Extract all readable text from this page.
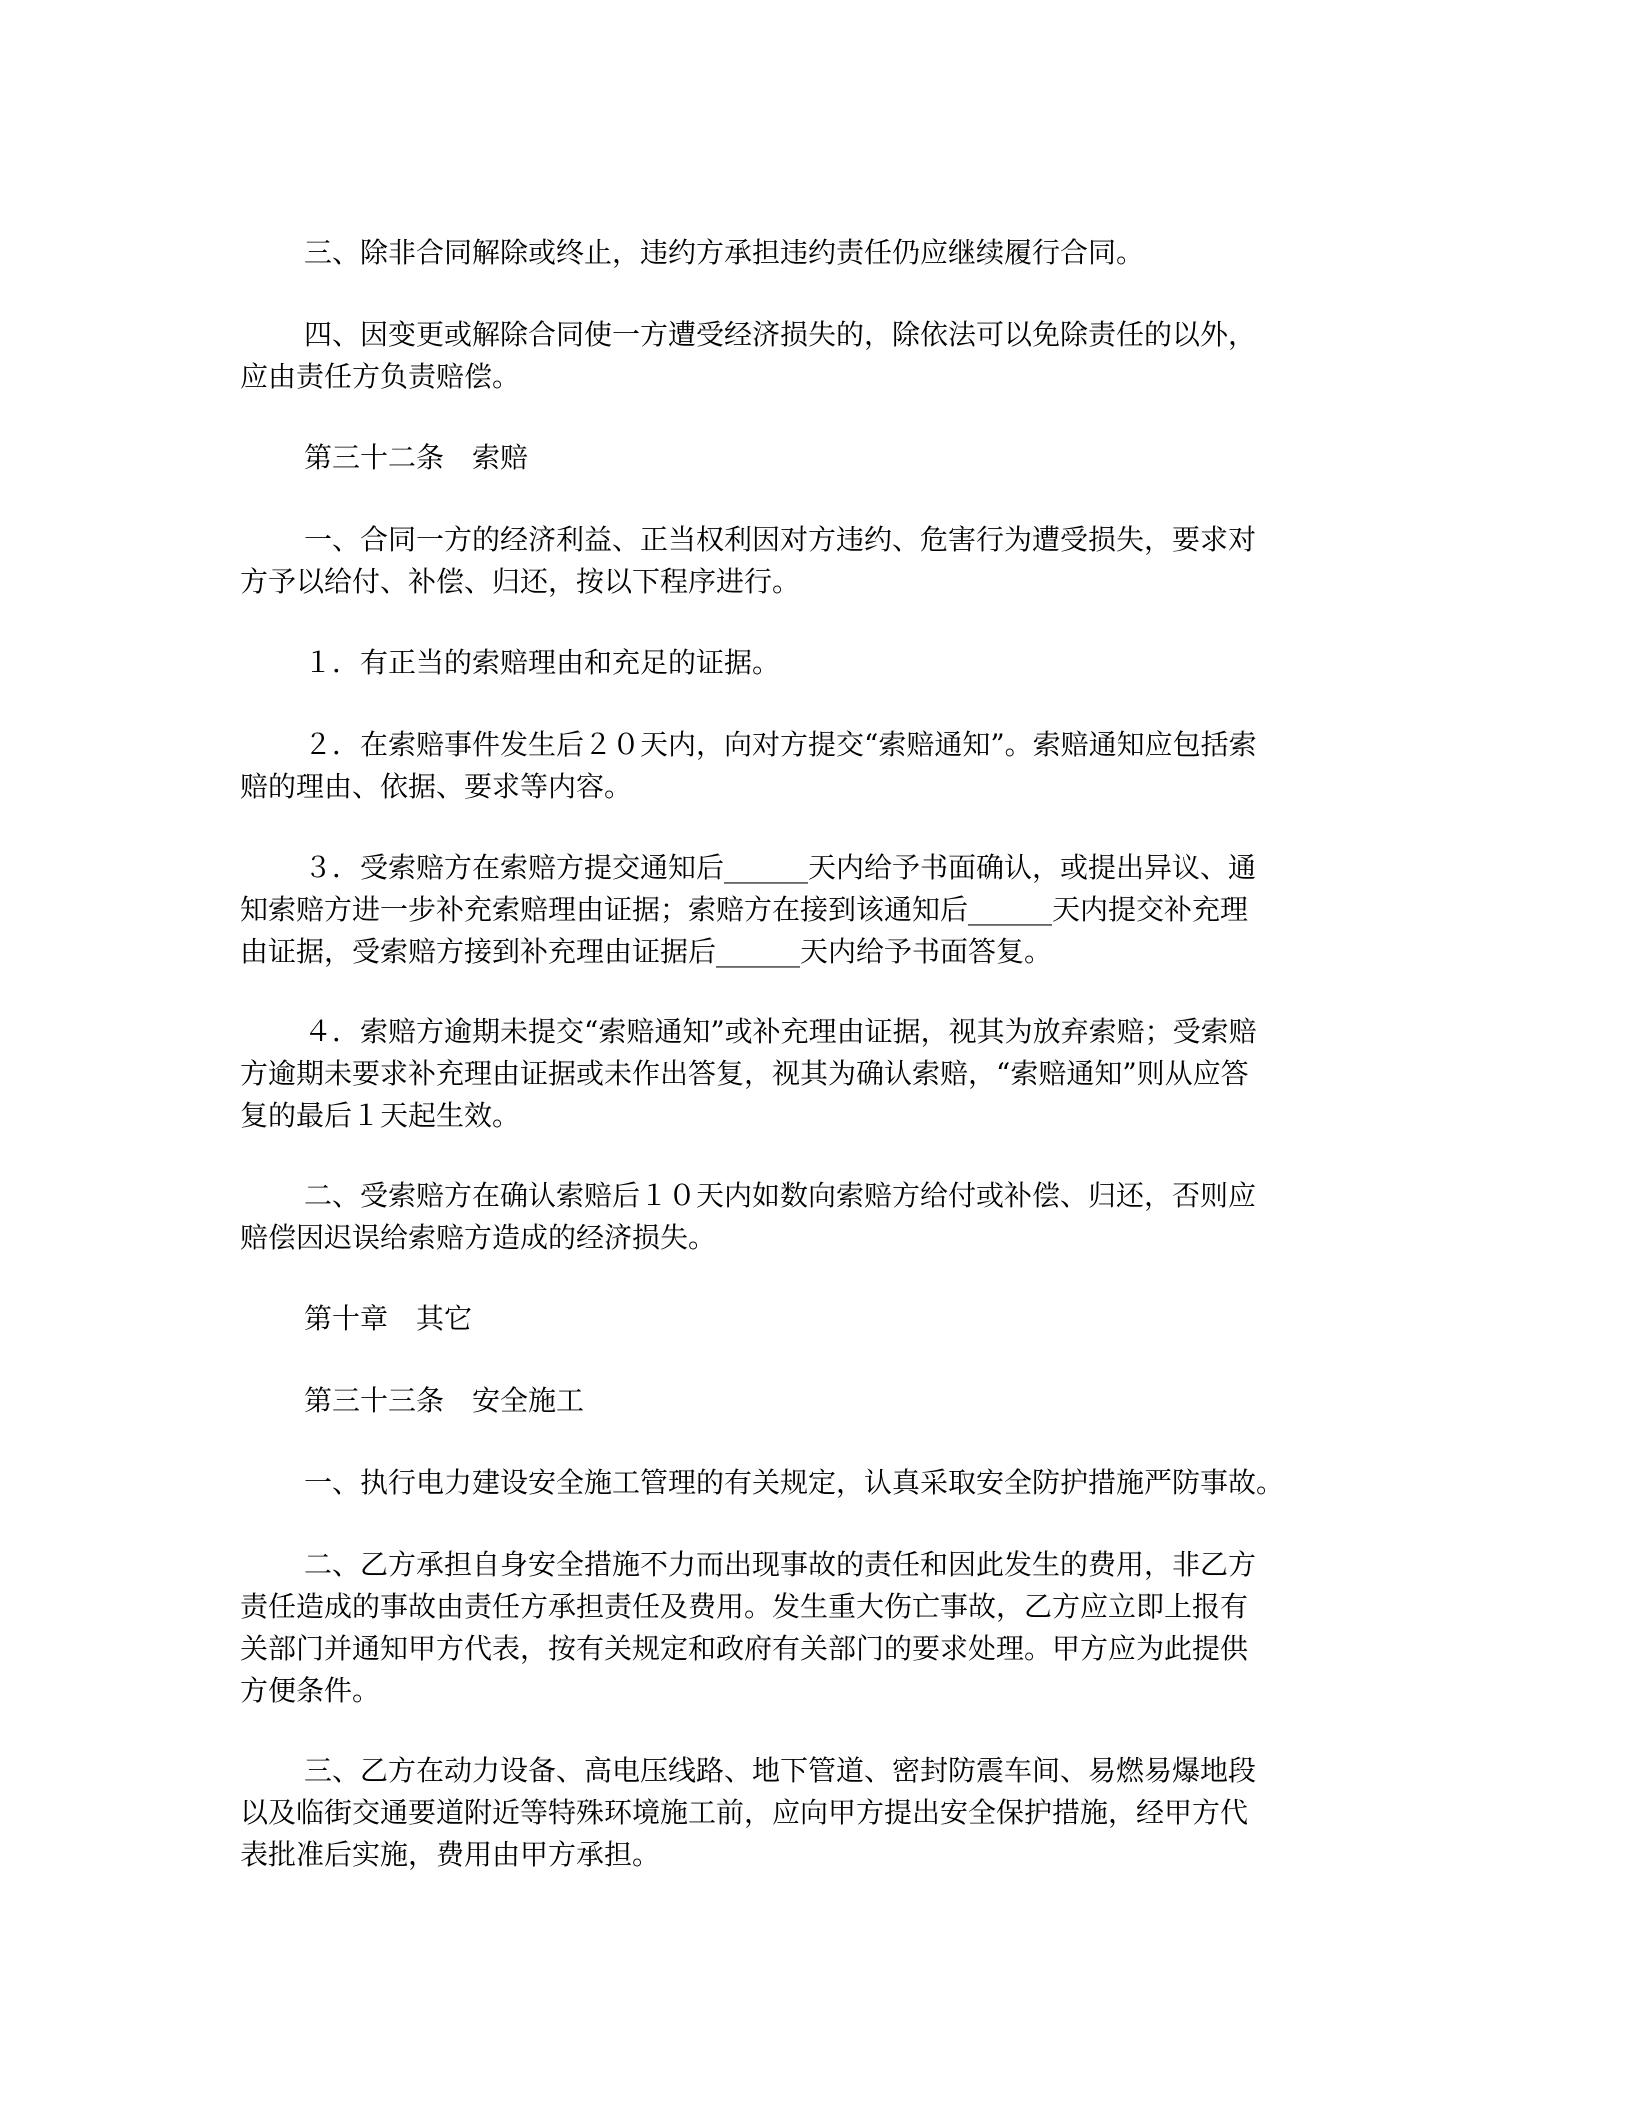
三、除非合同解除或终止，违约方承担违约责任仍应继续履行合同。
四、因变更或解除合同使一方遭受经济损失的，除依法可以免除责任的以外，
应由责任方负责赔偿。
第三十二条　索赔
一、合同一方的经济利益、正当权利因对方违约、危害行为遭受损失，要求对
方予以给付、补偿、归还，按以下程序进行。
１．有正当的索赔理由和充足的证据。
２．在索赔事件发生后２０天内，向对方提交“索赔通知”。索赔通知应包括索
赔的理由、依据、要求等内容。
３．受索赔方在索赔方提交通知后______天内给予书面确认，或提出异议、通
知索赔方进一步补充索赔理由证据；索赔方在接到该通知后______天内提交补充理
由证据，受索赔方接到补充理由证据后______天内给予书面答复。
４．索赔方逾期未提交“索赔通知”或补充理由证据，视其为放弃索赔；受索赔
方逾期未要求补充理由证据或未作出答复，视其为确认索赔，“索赔通知”则从应答
复的最后１天起生效。
二、受索赔方在确认索赔后１０天内如数向索赔方给付或补偿、归还，否则应
赔偿因迟误给索赔方造成的经济损失。
第十章　其它
第三十三条　安全施工
一、执行电力建设安全施工管理的有关规定，认真采取安全防护措施严防事故。
二、乙方承担自身安全措施不力而出现事故的责任和因此发生的费用，非乙方
责任造成的事故由责任方承担责任及费用。发生重大伤亡事故，乙方应立即上报有
关部门并通知甲方代表，按有关规定和政府有关部门的要求处理。甲方应为此提供
方便条件。
三、乙方在动力设备、高电压线路、地下管道、密封防震车间、易燃易爆地段
以及临街交通要道附近等特殊环境施工前，应向甲方提出安全保护措施，经甲方代
表批准后实施，费用由甲方承担。
